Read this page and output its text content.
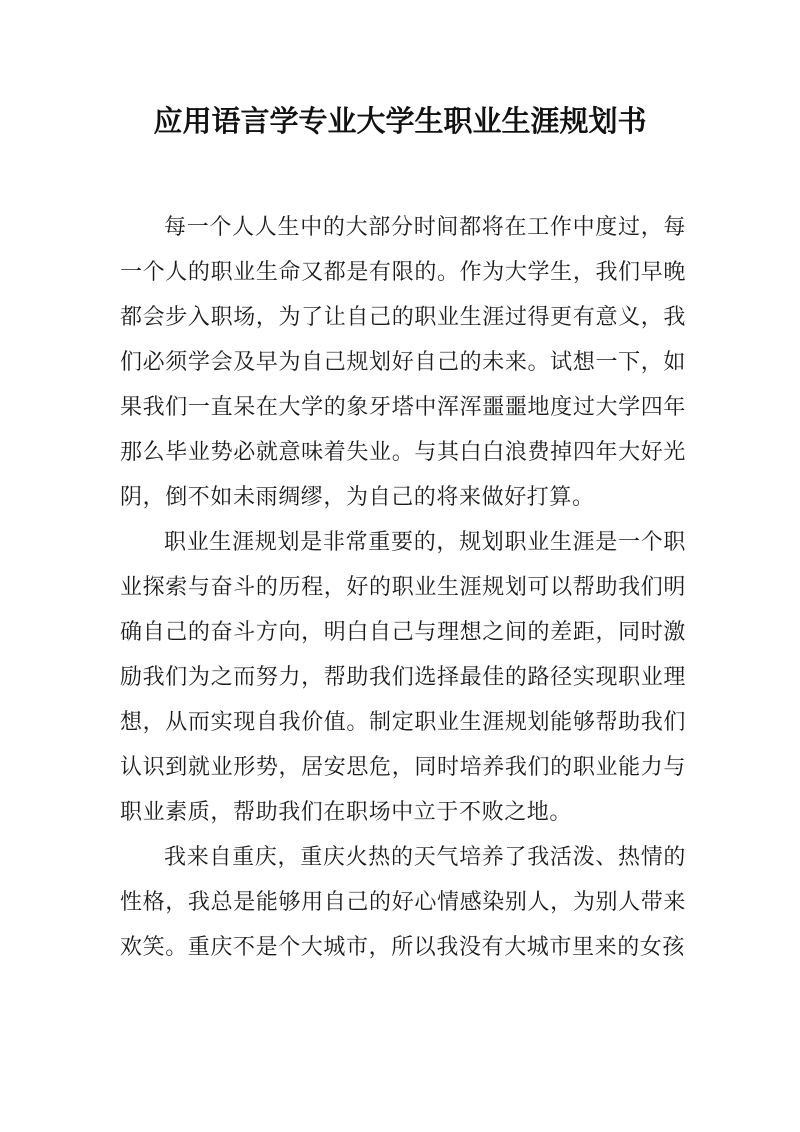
应用语言学专业大学生职业生涯规划书

每一个人人生中的大部分时间都将在工作中度过，每一个人的职业生命又都是有限的。作为大学生，我们早晚都会步入职场，为了让自己的职业生涯过得更有意义，我们必须学会及早为自己规划好自己的未来。试想一下，如果我们一直呆在大学的象牙塔中浑浑噩噩地度过大学四年那么毕业势必就意味着失业。与其白白浪费掉四年大好光阴，倒不如未雨绸缪，为自己的将来做好打算。

职业生涯规划是非常重要的，规划职业生涯是一个职业探索与奋斗的历程，好的职业生涯规划可以帮助我们明确自己的奋斗方向，明白自己与理想之间的差距，同时激励我们为之而努力，帮助我们选择最佳的路径实现职业理想，从而实现自我价值。制定职业生涯规划能够帮助我们认识到就业形势，居安思危，同时培养我们的职业能力与职业素质，帮助我们在职场中立于不败之地。

我来自重庆，重庆火热的天气培养了我活泼、热情的性格，我总是能够用自己的好心情感染别人，为别人带来欢笑。重庆不是个大城市，所以我没有大城市里来的女孩
